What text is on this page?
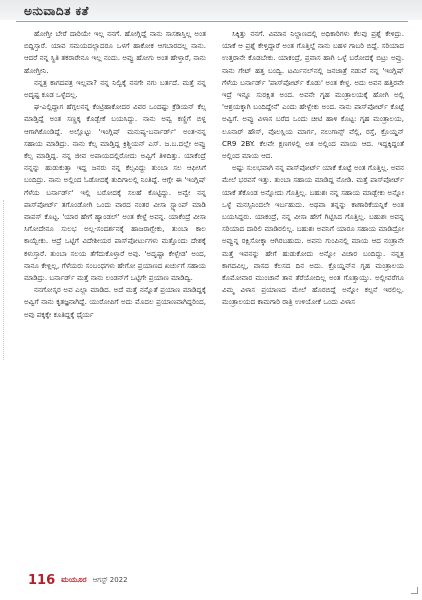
ಅನುವಾದಿತ ಕತೆ

ಹೋಗ್ತೀ ಬೇರೆ ದಾರಿಯೇ ಇಲ್ಲ ನನಗೆ. ಹೋಗ್ಲಿದ್ದೆ ನಾನು ಸಾಸಕಾಸ್ತಿಲ್ಲ ಅಂತ ಬಿದ್ದಿಸ್ತಾರೆ. ಯಾವ ಸಮಯದಲ್ಲಾದರೂ ಒಳಗೆ ಹಾಕೋಕ ಆಗಬಾರದಲ್ಲ ನಾನು. ಆದರೆ ನನ್ನ ಸ್ಥಿತಿ ತಕರಾರೇನೂ ಇಲ್ಲ ನಂದು. ಅವ್ವು ಹೋಗು ಅಂತ ಹೇಳ್ತಾರೆ, ನಾನು ಹೋಗ್ತೀನಿ.

ನನ್ನತ್ರ ಕಾಗದಪತ್ರ ಇಲ್ಲವಾ? ನನ್ನ ನಿಲ್ವಿಕ್ಕೆ ನನಗೇ ನಗು ಬರ್ತದೆ. ಮತ್ತೆ ನನ್ನ ಅದೃಷ್ಟ ಕೂಡ ಒಳ್ಳೆದಲ್ಲ.

ಘ-ಎಲ್ಲಿದ್ದಾಗ ಹೆಗ್ಗಲನನ್ನ ಕೆಂಟ್ರಿಹಾಕೋದರ ವಿವರ ಒಂದಷ್ಟು ಕ್ರೆಡಿಯನ್ ಕೆಲ್ಸ ಮಾಡ್ತಿದ್ದೆ ಅಂತ ಸಣ್ಣಕ್ಕ ಕೊಡ್ಬೇಕೆ ಬಯಸಿದ್ದು. ನಾನು ಅವ್ವ ಕಣ್ಣಿಗೆ ಬಿಳ್ದ ಆಗಾಗಿಕೊಂಡಿದ್ದೆ. ಅಲ್ಲೊಟ್ಟು 'ಇಂಗ್ಲಿಷ್ ಮನುಷ್ಯ-ಬರ್ನಾರ್ಡ್' ಅಂತ-ನನ್ನ ಸಹಾಯ ಮಾಡಿದ್ರು. ನಾನು ಕೆಲ್ಸ ಮಾಡ್ತಿದ್ದ ಕ್ರಿಶ್ಚಿಯನ್ ಎಸ್. ಜ.ಬ.ದಲ್ಲೇ ಅವ್ವು ಕೆಲ್ಸ ಮಾಡ್ತಿದ್ದ. ನನ್ನ ಜೀವ ಅಪಾಯದಲ್ಲಿರೋದು ಅವ್ವಿಗೆ ತಿಳಿದಿತ್ತು. ಯಾಕೆಂದ್ರೆ ನನ್ನನ್ನು ಹುಡುಕುತ್ತಾ ಇದ್ದ ಜನರು ನನ್ನ ಕೆಲ್ಸವಿದ್ದು ತುಂಬಾ ಸಲ ಆಫೀಸಿಗೆ ಬಂದಿದ್ರು. ನಾನು ಅಲ್ಲಿಂದ ಓಡೋದಕ್ಕೆ ತುದಿಗಾಲಲ್ಲಿ ನಿಂತಿದ್ದೆ. ಆಗ್ಗೇ ಈ 'ಇಂಗ್ಲಿಷ್ ಗೆಳೆಯ ಬರ್ನಾರ್ಡ್' ಇಲ್ಲಿ ಬರೋದಕ್ಕೆ ಸಲಹೆ ಕೊಟ್ಟಿದ್ದು. ಅವ್ವೇ ನನ್ನ ಪಾಸ್‌ಪೋರ್ಟ್ ತಗೊಂಡೋಗಿ ಒಂದು ವಾರದ ನಂತರ ವೀಸಾ ಸ್ಟ್ಯಾಂಪ್ ಮಾಡಿ ವಾಪಸ್ ಕೊಟ್ಟ. 'ಯಾರ ಹೇಗೆ ಹ್ಯಾಂಡಲ್' ಅಂತ ಕೇಳ್ದೆ ಅವನ್ನ. ಯಾಕೆಂದ್ರೆ ವೀಸಾ ಸಿಗೋದೇನೂ ಸುಲಭ ಅಲ್ಲ-ಸಂದರ್ಶನಕ್ಕೆ ಹಾಜರಾಗ್ಬೇಕು, ತುಂಬಾ ಕಾಲ ಕಾಯ್ಬೇಕು. ಆದ್ರೆ ಒಟ್ಟಿಗೆ ವಿದೇಶೀಯರ ಪಾಸ್‌ಪೋರ್ಟುಗಳು ಮತ್ತೊಂದು ದೇಶಕ್ಕೆ ಕಳುಸ್ತಾರೆ. ತುಂಬಾ ಸಲಯ ತೆಗೆದುಕೊಳ್ತಾರೆ ಅವು. 'ಅದೃಷ್ಟಾ ಕೇಳ್ಬೇಡ' ಅಂದ, ನಾನೂ ಕೇಳ್ಲಿಲ್ಲ, ಗೆಳೆಯರು ಸಂಬಂಧಗಳು ಹೇಗೋ ಪ್ರಯಾಣದ ಖರ್ಚುಗೆ ಸಹಾಯ ಮಾಡಿದ್ರು. ಬರ್ನಾರ್ಡ್ ಮತ್ತೆ ನಾನು ಲಂಡನ್‌ಗೆ ಒಟ್ಟಿಗೇ ಪ್ರಯಾಣ ಮಾಡಿದ್ವಿ.

ನನಗೋಸ್ಕರ ಅವ ಎಲ್ಲಾ ಮಾಡಿದ. ಅದೆ ಮತ್ತೆ ನನ್ನೊತೆ ಪ್ರಯಾಣ ಮಾಡಿದ್ದಕ್ಕೆ ಅವ್ವಿಗೆ ನಾನು ಕೃತಜ್ಞನಾಗಿದ್ದೆ. ಯುರೋಪಿಗೆ ಅದು ಮೊದಲ ಪ್ರಯಾಣವಾಗಿದ್ದರಿಂದ, ಅವು ಪಕ್ಕಕ್ಕೇ ಕೂತಿದ್ದಕ್ಕೆ ಧೈರ್ಯ

ಸಿಕ್ಕಿತ್ತು ನನಗೆ. ವಿಮಾನ ನಿಲ್ದಾಣದಲ್ಲಿ ಅಧಿಕಾರಿಗಳು ಕೆಲವು ಪ್ರಶ್ನೆ ಕೇಳಿದ್ರು. ಯಾಕೆ ಆ ಪ್ರಶ್ನೆ ಕೇಳ್ತಿದ್ದಾರೆ ಅಂತ ಗೊತ್ತಿಲ್ದೆ ನಾನು ಬಹಳ ಗಾಬರಿ ಬಿದ್ದೆ. ಸರಿಯಾದ ಉತ್ತರಾನೇ ಕೊಡಬೇಕು. ಯಾಕಂದ್ರೆ, ಪ್ರವಾಸ ಹಾಗಿ ಒಳ್ಳೆ ಬರೋದಕ್ಕೆ ಬಿಟ್ರು ಅವ್ರು. ನಾನು ಗೇಟ್ ಹತ್ತ ಬಂದ್ವಿ. ಟರ್ಮಿನಲ್‌ನಲ್ಲಿ ಜನಜಾತ್ರೆ ನಡುವೆ ನನ್ನ 'ಇಂಗ್ಲಿಷ್ ಗೆಳೆಯ ಬರ್ನಾರ್ಡ್ 'ಪಾಸ್‌ಪೋರ್ಟ್ ಕೊಡು' ಅಂತ ಕೇಳ್ದ. ಅದು ಅವನ ಹತ್ತಿರವೇ ಇದ್ರೆ ಇನ್ನೂ ಸುರಕ್ಷಿತ ಅಂದ. ಅವನೇ ಗೃಹ ಮಂತ್ರಾಲಯಕ್ಕೆ ಹೋಗಿ ಅಲ್ಲಿ 'ಆಶ್ರಯಕ್ಕಾಗಿ ಬಂದಿದ್ದೇನೆ' ಎಂದು ಹೇಳ್ಬೇಕು ಅಂದ. ನಾನು ಪಾಸ್‌ಪೋರ್ಟ್ ಕೊಟ್ಟೆ ಅವ್ವಿಗೆ. ಅವ್ವು ವಿಳಾಸ ಬರೆದ ಒಂದು ಚೀಟಿ ಹಾಳಿ ಕೊಟ್ಟ: ಗೃಹ ಮಂತ್ರಾಲಯ, ಲೂನಾರ್ ಹೌಸ್, ವೊಲಸ್ಲಿಯ ಮಾರ್ಗ, ನಲುಗಾನ್ಸ್ ವೆಲ್ಲಿ, ರಸ್ತೆ, ಕ್ರೊಯ್ಡನ್ CR9 2BY. ಕೆಲವೇ ಕ್ಷಣಗಳಲ್ಲಿ ಅತ ಅಲ್ಲಿಂದ ಮಾಯ ಆದ. ಇದ್ದಕ್ಕಿದ್ದಂತೆ ಅಲ್ಲಿಂದ ಮಾಯ ಆದ.

ಅಷ್ಟು ಸುಲಭವಾಗಿ ನನ್ನ ಪಾಸ್‌ಪೋರ್ಟ್ ಯಾಕೆ ಕೊಟ್ಟೆ ಅಂತ ಗೊತ್ತಿಲ್ಲ. ಅವನ ಮೇಲೆ ಭರವಸೆ ಇತ್ತು. ತುಂಬಾ ಸಹಾಯ ಮಾಡಿದ್ದ ನೋಡಿ. ಮತ್ತೆ ಪಾಸ್‌ಪೋರ್ಟ್ ಯಾಕೆ ತೆಕೊಂಡ ಅನ್ನೋದು ಗೊತ್ತಿಲ್ಲ. ಬಹುಶಃ ನನ್ನ ಸಹಾಯ ಮಾಡ್ಬೇಕು ಅನ್ನೋ ಒಳ್ಳೆ ಮನಸ್ಸಿನಿಂದಲೇ ಇರ್ಬಹುದು. ಅಥವಾ ತನ್ನನ್ನು ಕಾಣಾರಿಕೆಯನ್ನಿಕೆ ಅಂತ ಬಯಸಿದ್ದರು. ಯಾಕಂದ್ರೆ, ನನ್ನ ವೀಸಾ ಹೇಗೆ ಗಿಟ್ಟಿಸಿದ ಗೊತ್ತಿಲ್ಲ. ಬಹುಶಃ ಅವನ್ನ ಸರಿಯಾದ ದಾರಿಲಿ ಮಾಡಿರಲಿಲ್ಲ. ಬಹುಶಃ ಅವನಿಗೆ ಯಾರೂ ಸಹಾಯ ಮಾಡಿದ್ರೋ ಅವ್ವುನ್ನ ರಕ್ಷಿಸೋಕ್ಕಾ ಆಗಿರಬಹುದು. ಅವನು ಗುಂಪಿನಲ್ಲಿ ಮಾಯ ಆದ ನಂತ್ರಾನೇ ಮತ್ತೆ ಇವನನ್ನು ಹೇಗೆ ಹುಡುಕೋದು ಅನ್ನೋ ವಿಚಾರ ಬಂದಿದ್ದು. ನನ್ನತ್ರ ಕಾಗದವಿಲ್ಲ, ವಾಸದ ಕೆಲಸದ ದಿನ ಅದು. ಕ್ರೊಯ್ಡನ್‌ನ ಗೃಹ ಮಂತ್ರಾಲಯ ಕೊಮೋವಾರ ಮುಂಚಾನೆ ತಾನ ತೆರೆಯೋದಿಲ್ಲ ಅಂತ ಗೊತ್ತಾಯ್ತು. ಅಲ್ಲೀವರೆಗೂ ವಿಮ್ಮ ವಿಳಾಸ ಪ್ರಯಾಣದ ಮೇಲೆ ಹೊರಬಿದ್ದೆ ಅನ್ನೋ ಕಲ್ಪನೆ ಇರಲಿಲ್ಲ. ಮಂತ್ರಾಲಯದ ಕಾಮಗಾರಿ ರಾತ್ರಿ ಉಳಿಯೋಕೆ ಒಂದು ವಿಳಾಸ

116 ಮಯೂರ ಆಗಸ್ಟ್ 2022
